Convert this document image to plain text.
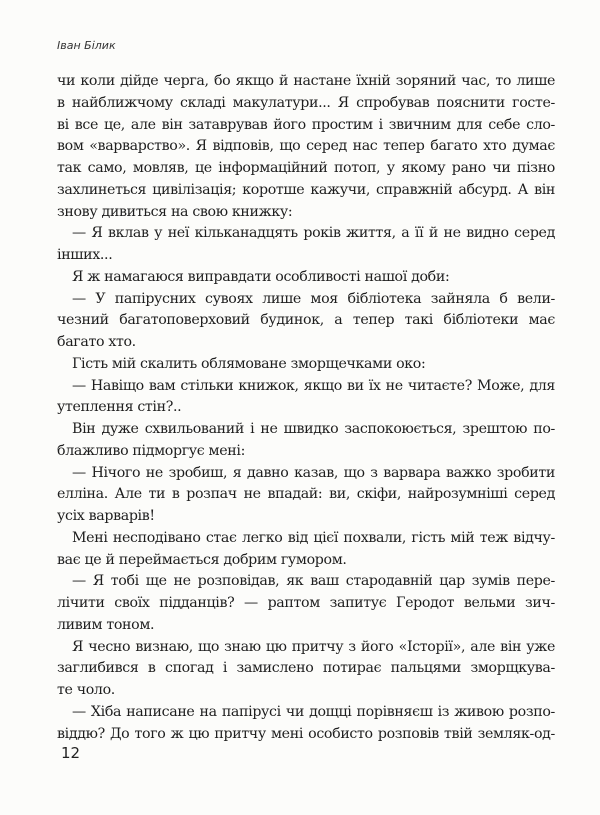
Іван Білик
чи коли дійде черга, бо якщо й настане їхній зоряний час, то лише
в найближчому складі макулатури... Я спробував пояснити госте-
ві все це, але він затаврував його простим і звичним для себе сло-
вом «варварство». Я відповів, що серед нас тепер багато хто думає
так само, мовляв, це інформаційний потоп, у якому рано чи пізно
захлинеться цивілізація; коротше кажучи, справжній абсурд. А він
знову дивиться на свою книжку:
— Я вклав у неї кільканадцять років життя, а її й не видно серед
інших...
Я ж намагаюся виправдати особливості нашої доби:
— У папірусних сувоях лише моя бібліотека зайняла б вели-
чезний багатоповерховий будинок, а тепер такі бібліотеки має
багато хто.
Гість мій скалить облямоване зморщечками око:
— Навіщо вам стільки книжок, якщо ви їх не читаєте? Може, для
утеплення стін?..
Він дуже схвильований і не швидко заспокоюється, зрештою по-
блажливо підморгує мені:
— Нічого не зробиш, я давно казав, що з варвара важко зробити
елліна. Але ти в розпач не впадай: ви, скіфи, найрозумніші серед
усіх варварів!
Мені несподівано стає легко від цієї похвали, гість мій теж відчу-
ває це й переймається добрим гумором.
— Я тобі ще не розповідав, як ваш стародавній цар зумів пере-
лічити своїх підданців? — раптом запитує Геродот вельми зич-
ливим тоном.
Я чесно визнаю, що знаю цю притчу з його «Історії», але він уже
заглибився в спогад і замислено потирає пальцями зморщкува-
те чоло.
— Хіба написане на папірусі чи дощці порівняєш із живою розпо-
віддю? До того ж цю притчу мені особисто розповів твій земляк-од-
12
